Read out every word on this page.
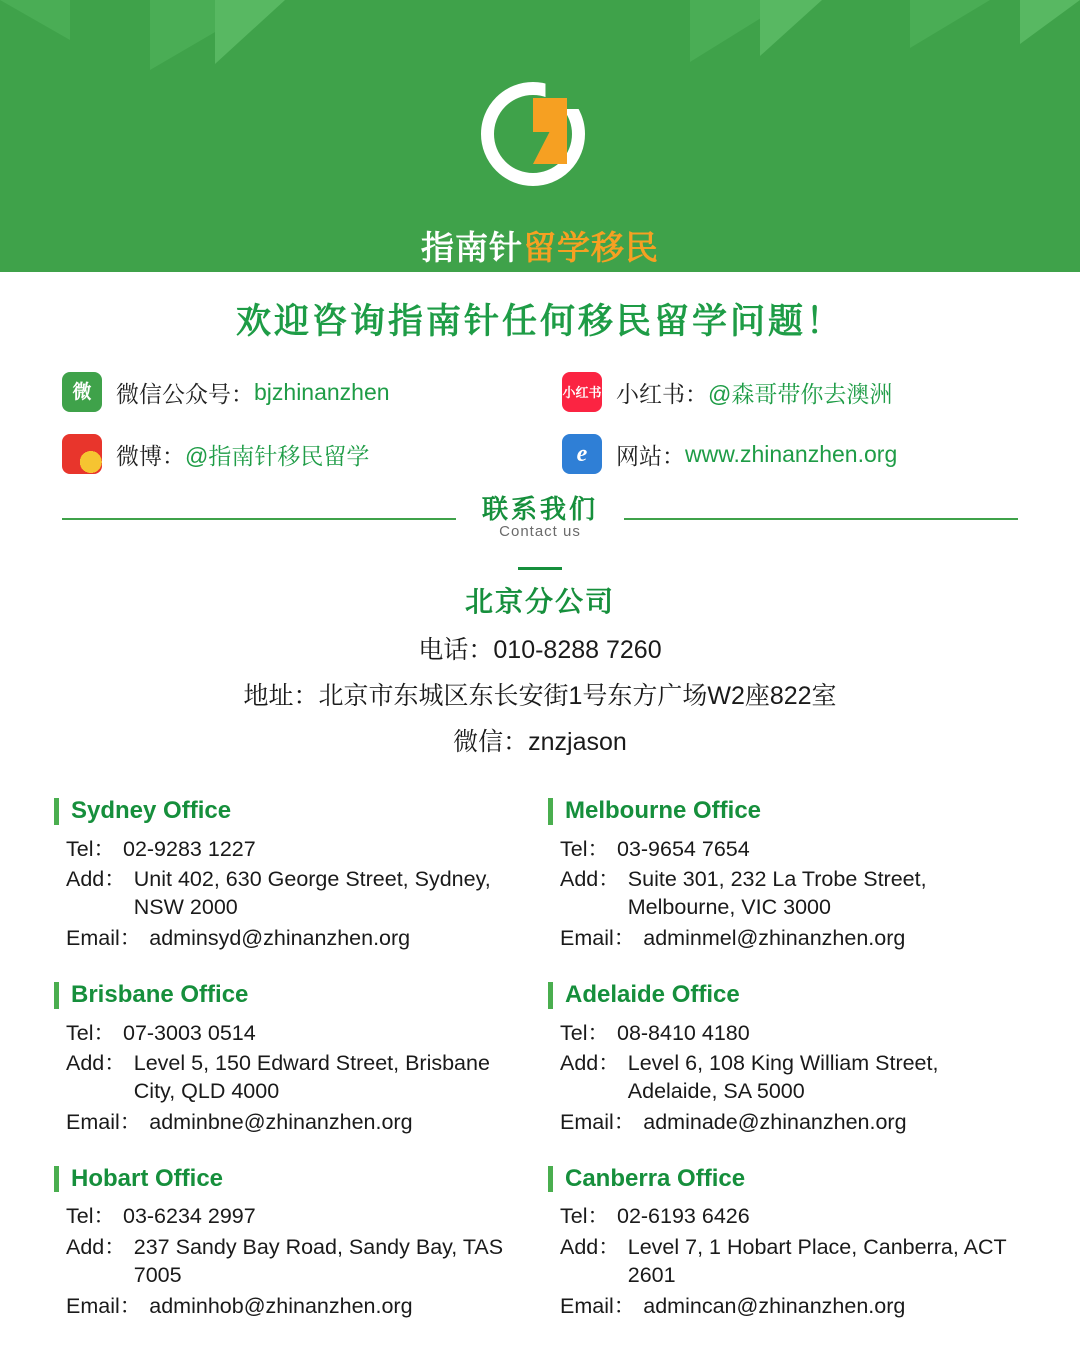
指南针留学移民
欢迎咨询指南针任何移民留学问题！
微	微信公众号： bjzhinanzhen	小红书 小红书： @森哥带你去澳洲
微博： @指南针移民留学	e	网站： www.zhinanzhen.org
联系我们
Contact us
北京分公司
电话：010-8288 7260
地址：北京市东城区东长安街1号东方广场W2座822室
微信：znzjason
Sydney Office
Tel： 02-9283 1227
Add： Unit 402, 630 George Street, Sydney, NSW 2000
Email： adminsyd@zhinanzhen.org
Melbourne Office
Tel： 03-9654 7654
Add： Suite 301, 232 La Trobe Street, Melbourne, VIC 3000
Email： adminmel@zhinanzhen.org
Brisbane Office
Tel： 07-3003 0514
Add： Level 5, 150 Edward Street, Brisbane City, QLD 4000
Email： adminbne@zhinanzhen.org
Adelaide Office
Tel： 08-8410 4180
Add： Level 6, 108 King William Street, Adelaide, SA 5000
Email： adminade@zhinanzhen.org
Hobart Office
Tel： 03-6234 2997
Add： 237 Sandy Bay Road, Sandy Bay, TAS 7005
Email： adminhob@zhinanzhen.org
Canberra Office
Tel： 02-6193 6426
Add： Level 7, 1 Hobart Place, Canberra, ACT 2601
Email： admincan@zhinanzhen.org
